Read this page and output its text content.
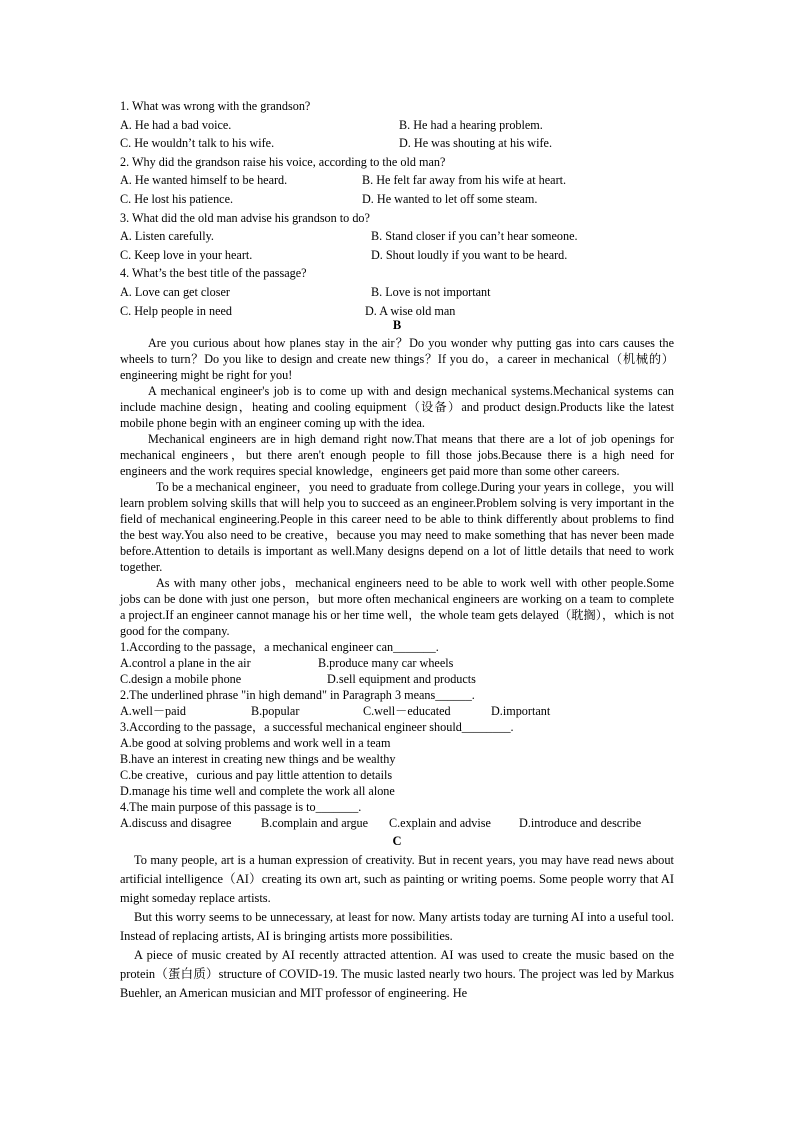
1. What was wrong with the grandson?
A. He had a bad voice.	B. He had a hearing problem.
C. He wouldn’t talk to his wife.	D. He was shouting at his wife.
2. Why did the grandson raise his voice, according to the old man?
A. He wanted himself to be heard.	B. He felt far away from his wife at heart.
C. He lost his patience.	D. He wanted to let off some steam.
3. What did the old man advise his grandson to do?
A. Listen carefully.	B. Stand closer if you can’t hear someone.
C. Keep love in your heart.	D. Shout loudly if you want to be heard.
4. What’s the best title of the passage?
A. Love can get closer	B. Love is not important
C. Help people in need	D. A wise old man
B

Are you curious about how planes stay in the air？Do you wonder why putting gas into cars causes the wheels to turn？Do you like to design and create new things？If you do，a career in mechanical（机械的）engineering might be right for you!

A mechanical engineer's job is to come up with and design mechanical systems.Mechanical systems can include machine design，heating and cooling equipment（设备）and product design.Products like the latest mobile phone begin with an engineer coming up with the idea.

Mechanical engineers are in high demand right now.That means that there are a lot of job openings for mechanical engineers，but there aren't enough people to fill those jobs.Because there is a high need for engineers and the work requires special knowledge，engineers get paid more than some other careers.

To be a mechanical engineer，you need to graduate from college.During your years in college，you will learn problem solving skills that will help you to succeed as an engineer.Problem solving is very important in the field of mechanical engineering.People in this career need to be able to think differently about problems to find the best way.You also need to be creative，because you may need to make something that has never been made before.Attention to details is important as well.Many designs depend on a lot of little details that need to work together.

As with many other jobs，mechanical engineers need to be able to work well with other people.Some jobs can be done with just one person，but more often mechanical engineers are working on a team to complete a project.If an engineer cannot manage his or her time well，the whole team gets delayed（耽搁），which is not good for the company.

1.According to the passage，a mechanical engineer can_______.
A.control a plane in the air	B.produce many car wheels
C.design a mobile phone	D.sell equipment and products
2.The underlined phrase "in high demand" in Paragraph 3 means______.
A.well－paid	B.popular	C.well－educated	D.important
3.According to the passage，a successful mechanical engineer should________.
A.be good at solving problems and work well in a team
B.have an interest in creating new things and be wealthy
C.be creative，curious and pay little attention to details
D.manage his time well and complete the work all alone
4.The main purpose of this passage is to_______.
A.discuss and disagree	B.complain and argue	C.explain and advise	D.introduce and describe
C

To many people, art is a human expression of creativity. But in recent years, you may have read news about artificial intelligence（AI）creating its own art, such as painting or writing poems. Some people worry that AI might someday replace artists.

But this worry seems to be unnecessary, at least for now. Many artists today are turning AI into a useful tool. Instead of replacing artists, AI is bringing artists more possibilities.

A piece of music created by AI recently attracted attention. AI was used to create the music based on the protein（蛋白质）structure of COVID-19. The music lasted nearly two hours. The project was led by Markus Buehler, an American musician and MIT professor of engineering. He
